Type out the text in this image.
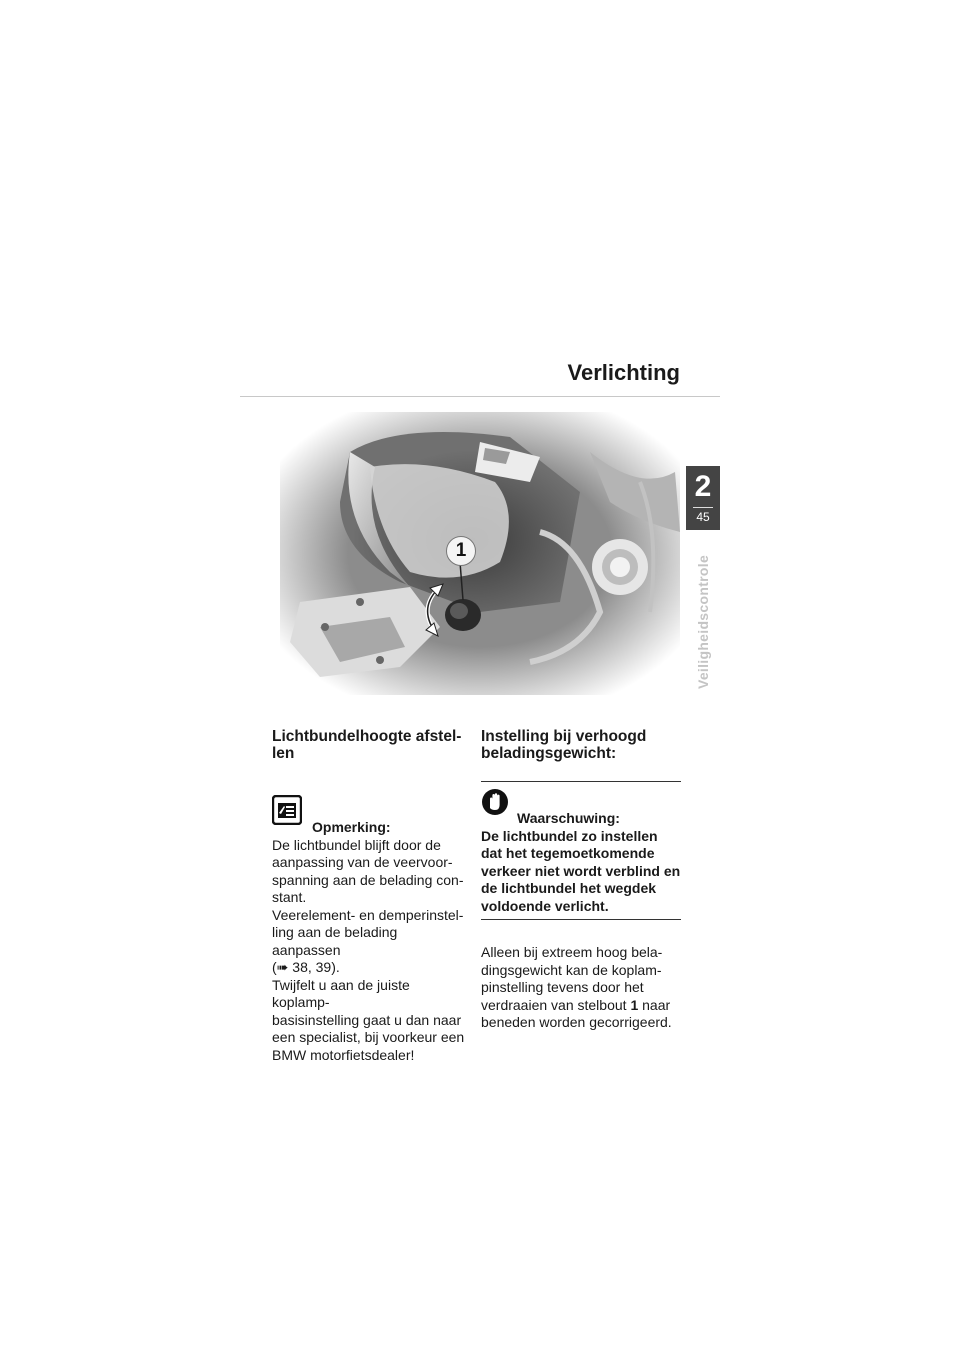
Verlichting
2
45
Veiligheidscontrole
1
Lichtbundelhoogte afstel-
len
Opmerking:

De lichtbundel blijft door de

aanpassing van de veervoor-

spanning aan de belading con-

stant.

Veerelement- en demperinstel-

ling aan de belading aanpassen

(➠ 38, 39).

Twijfelt u aan de juiste koplamp-

basisinstelling gaat u dan naar

een specialist, bij voorkeur een

BMW motorfietsdealer!

Instelling bij verhoogd
beladingsgewicht:
Waarschuwing:
De lichtbundel zo instellen
dat het tegemoetkomende
verkeer niet wordt verblind en
de lichtbundel het wegdek
voldoende verlicht.

Alleen bij extreem hoog bela-

dingsgewicht kan de koplam-

pinstelling tevens door het

verdraaien van stelbout 1 naar

beneden worden gecorrigeerd.
